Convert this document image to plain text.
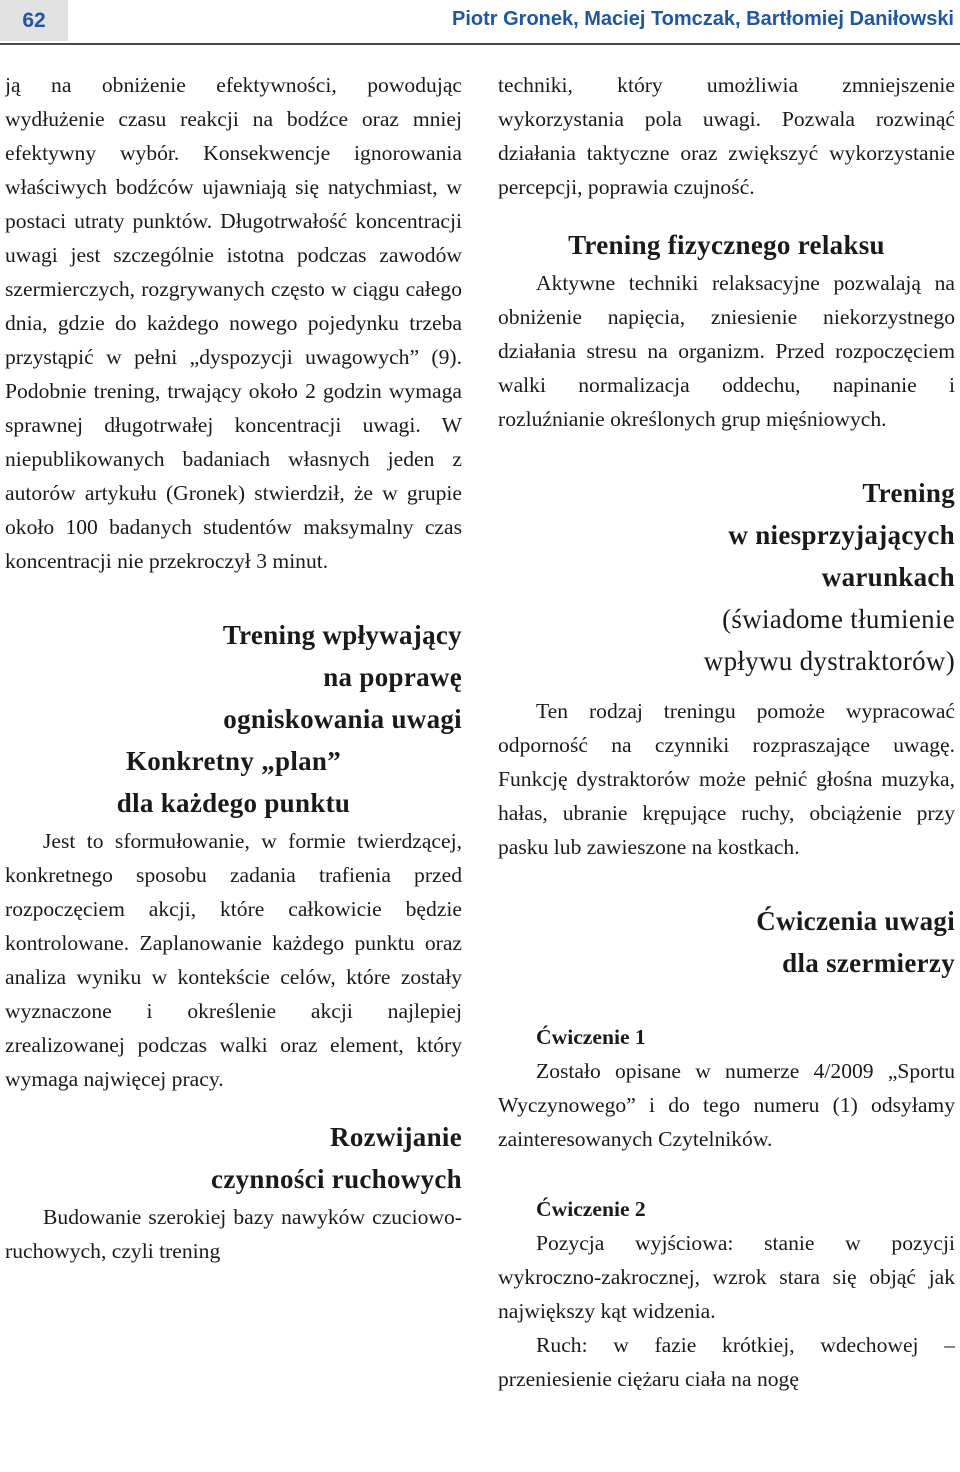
62	Piotr Gronek, Maciej Tomczak, Bartłomiej Daniłowski

ją na obniżenie efektywności, powodując wydłużenie czasu reakcji na bodźce oraz mniej efektywny wybór. Konsekwencje ignorowania właściwych bodźców ujawniają się natychmiast, w postaci utraty punktów. Długotrwałość koncentracji uwagi jest szczególnie istotna podczas zawodów szermierczych, rozgrywanych często w ciągu całego dnia, gdzie do każdego nowego pojedynku trzeba przystąpić w pełni „dyspozycji uwagowych” (9). Podobnie trening, trwający około 2 godzin wymaga sprawnej długotrwałej koncentracji uwagi. W niepublikowanych badaniach własnych jeden z autorów artykułu (Gronek) stwierdził, że w grupie około 100 badanych studentów maksymalny czas koncentracji nie przekroczył 3 minut.

Trening wpływający
na poprawę
ogniskowania uwagi
Konkretny „plan”
dla każdego punktu

Jest to sformułowanie, w formie twierdzącej, konkretnego sposobu zadania trafienia przed rozpoczęciem akcji, które całkowicie będzie kontrolowane. Zaplanowanie każdego punktu oraz analiza wyniku w kontekście celów, które zostały wyznaczone i określenie akcji najlepiej zrealizowanej podczas walki oraz element, który wymaga najwięcej pracy.

Rozwijanie
czynności ruchowych

Budowanie szerokiej bazy nawyków czuciowo-ruchowych, czyli trening

techniki, który umożliwia zmniejszenie wykorzystania pola uwagi. Pozwala rozwinąć działania taktyczne oraz zwiększyć wykorzystanie percepcji, poprawia czujność.

Trening fizycznego relaksu

Aktywne techniki relaksacyjne pozwalają na obniżenie napięcia, zniesienie niekorzystnego działania stresu na organizm. Przed rozpoczęciem walki normalizacja oddechu, napinanie i rozluźnianie określonych grup mięśniowych.

Trening
w niesprzyjających
warunkach
(świadome tłumienie
wpływu dystraktorów)

Ten rodzaj treningu pomoże wypracować odporność na czynniki rozpraszające uwagę. Funkcję dystraktorów może pełnić głośna muzyka, hałas, ubranie krępujące ruchy, obciążenie przy pasku lub zawieszone na kostkach.

Ćwiczenia uwagi
dla szermierzy
Ćwiczenie 1

Zostało opisane w numerze 4/2009 „Sportu Wyczynowego” i do tego numeru (1) odsyłamy zainteresowanych Czytelników.

Ćwiczenie 2

Pozycja wyjściowa: stanie w pozycji wykroczno-zakrocznej, wzrok stara się objąć jak największy kąt widzenia.

Ruch: w fazie krótkiej, wdechowej – przeniesienie ciężaru ciała na nogę
